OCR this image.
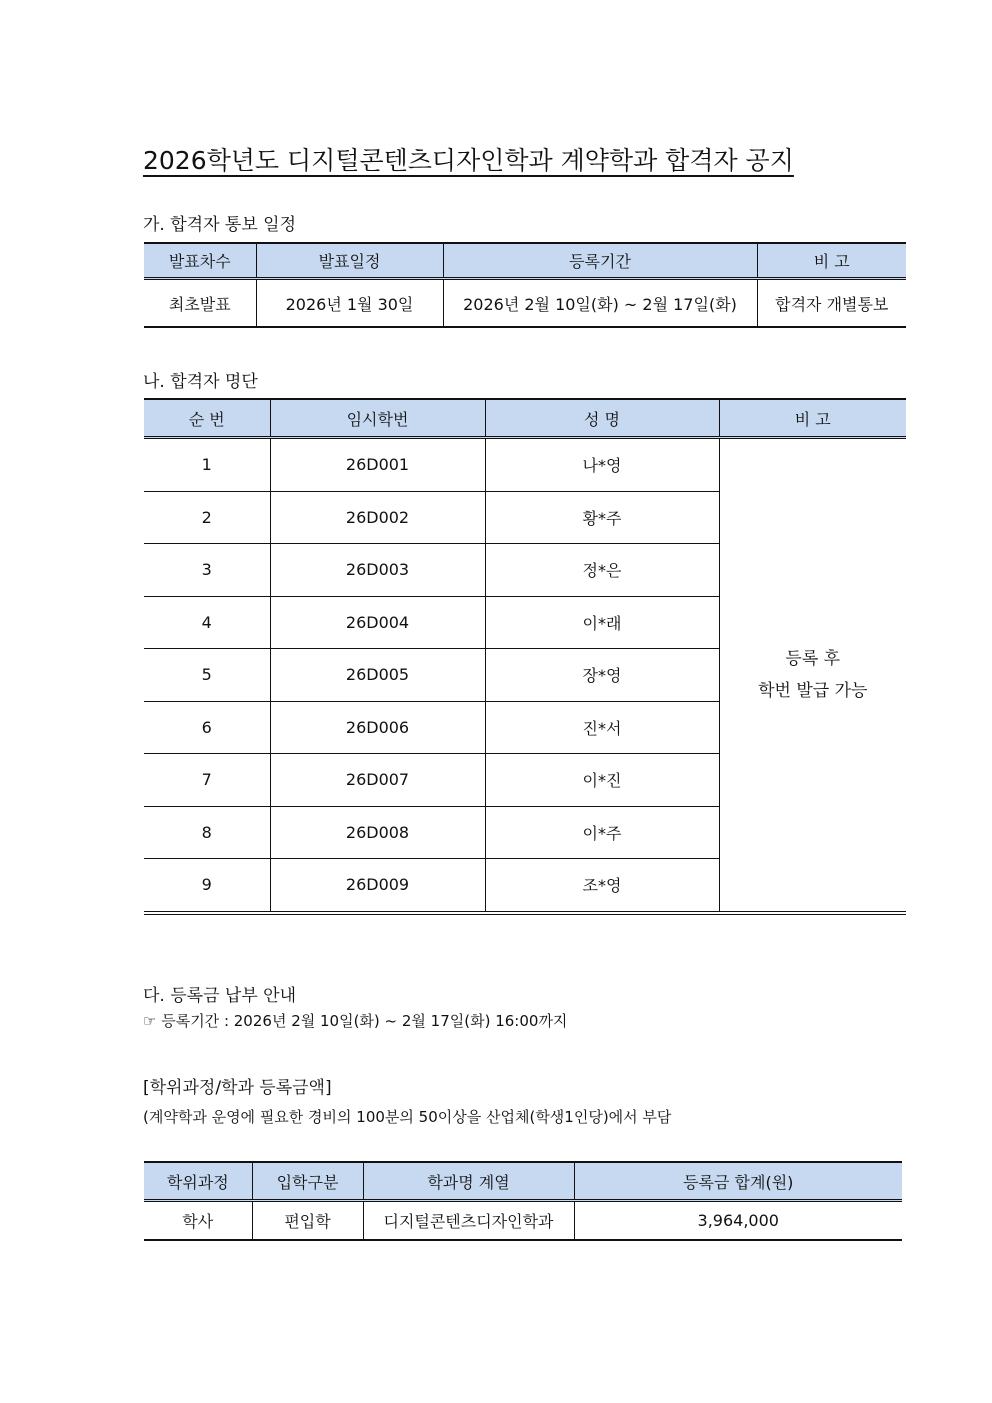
2026학년도 디지털콘텐츠디자인학과 계약학과 합격자 공지
가. 합격자 통보 일정
발표차수	발표일정	등록기간	비 고
최초발표	2026년 1월 30일	2026년 2월 10일(화) ~ 2월 17일(화)	합격자 개별통보
나. 합격자 명단
순 번	임시학번	성 명	비 고
1	26D001	나*영	등록 후
학번 발급 가능

2	26D002	황*주	
3	26D003	정*은	
4	26D004	이*래	
5	26D005	장*영	
6	26D006	진*서	
7	26D007	이*진	
8	26D008	이*주	
9	26D009	조*영	
다. 등록금 납부 안내
☞ 등록기간 : 2026년 2월 10일(화) ~ 2월 17일(화) 16:00까지
[학위과정/학과 등록금액]
(계약학과 운영에 필요한 경비의 100분의 50이상을 산업체(학생1인당)에서 부담
학위과정	입학구분	학과명 계열	등록금 합계(원)
학사	편입학	디지털콘텐츠디자인학과	3,964,000
